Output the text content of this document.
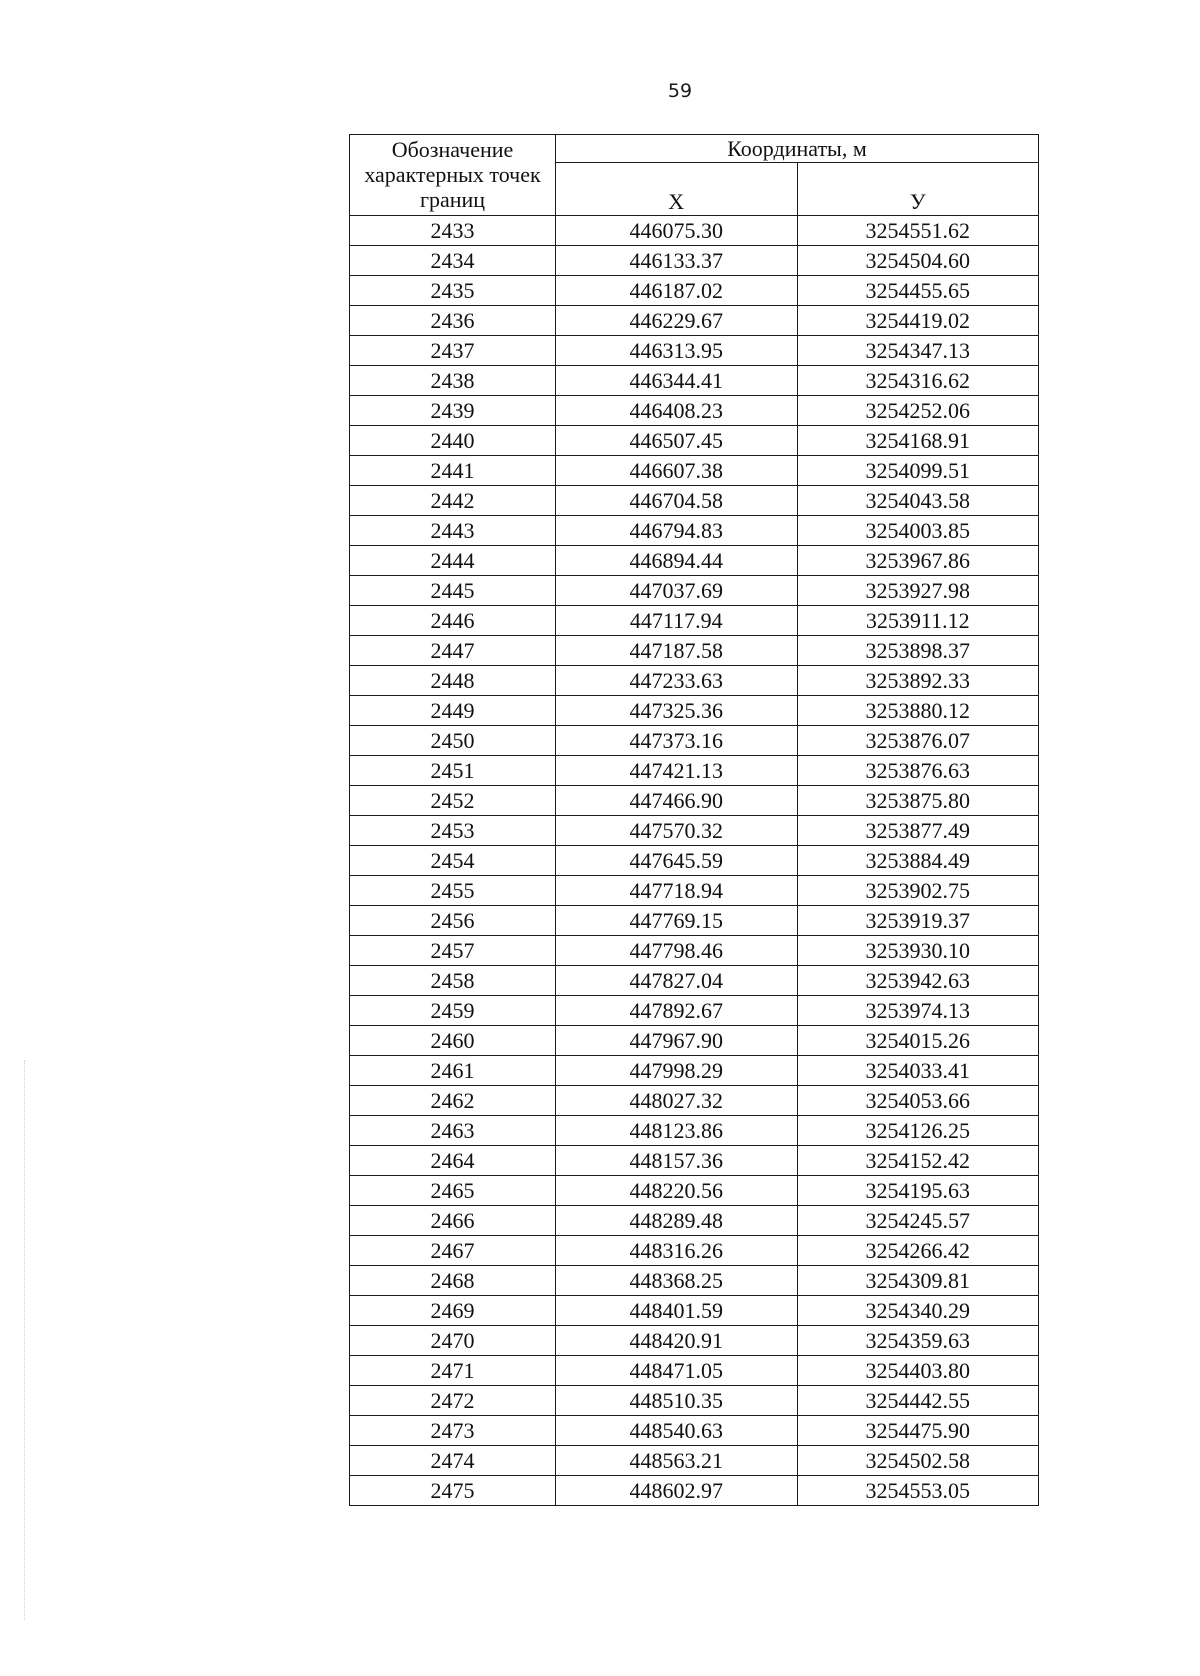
59
Обозначение характерных точек границ	Координаты, м	
	X	У
2433	446075.30	3254551.62
2434	446133.37	3254504.60
2435	446187.02	3254455.65
2436	446229.67	3254419.02
2437	446313.95	3254347.13
2438	446344.41	3254316.62
2439	446408.23	3254252.06
2440	446507.45	3254168.91
2441	446607.38	3254099.51
2442	446704.58	3254043.58
2443	446794.83	3254003.85
2444	446894.44	3253967.86
2445	447037.69	3253927.98
2446	447117.94	3253911.12
2447	447187.58	3253898.37
2448	447233.63	3253892.33
2449	447325.36	3253880.12
2450	447373.16	3253876.07
2451	447421.13	3253876.63
2452	447466.90	3253875.80
2453	447570.32	3253877.49
2454	447645.59	3253884.49
2455	447718.94	3253902.75
2456	447769.15	3253919.37
2457	447798.46	3253930.10
2458	447827.04	3253942.63
2459	447892.67	3253974.13
2460	447967.90	3254015.26
2461	447998.29	3254033.41
2462	448027.32	3254053.66
2463	448123.86	3254126.25
2464	448157.36	3254152.42
2465	448220.56	3254195.63
2466	448289.48	3254245.57
2467	448316.26	3254266.42
2468	448368.25	3254309.81
2469	448401.59	3254340.29
2470	448420.91	3254359.63
2471	448471.05	3254403.80
2472	448510.35	3254442.55
2473	448540.63	3254475.90
2474	448563.21	3254502.58
2475	448602.97	3254553.05
